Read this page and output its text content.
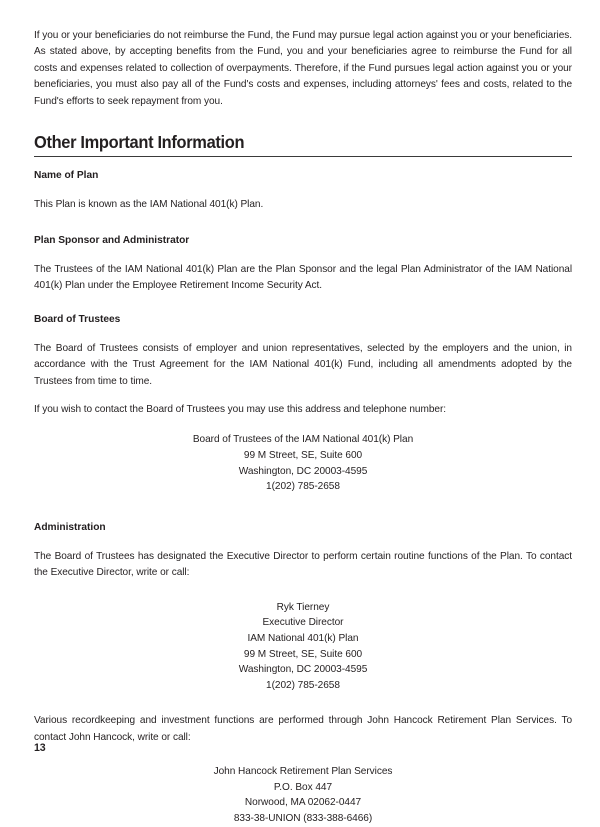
If you or your beneficiaries do not reimburse the Fund, the Fund may pursue legal action against you or your beneficiaries. As stated above, by accepting benefits from the Fund, you and your beneficiaries agree to reimburse the Fund for all costs and expenses related to collection of overpayments. Therefore, if the Fund pursues legal action against you or your beneficiaries, you must also pay all of the Fund's costs and expenses, including attorneys' fees and costs, related to the Fund's efforts to seek repayment from you.

Other Important Information
Name of Plan

This Plan is known as the IAM National 401(k) Plan.

Plan Sponsor and Administrator

The Trustees of the IAM National 401(k) Plan are the Plan Sponsor and the legal Plan Administrator of the IAM National 401(k) Plan under the Employee Retirement Income Security Act.

Board of Trustees

The Board of Trustees consists of employer and union representatives, selected by the employers and the union, in accordance with the Trust Agreement for the IAM National 401(k) Fund, including all amendments adopted by the Trustees from time to time.

If you wish to contact the Board of Trustees you may use this address and telephone number:

Board of Trustees of the IAM National 401(k) Plan
99 M Street, SE, Suite 600
Washington, DC 20003-4595
1(202) 785-2658
Administration

The Board of Trustees has designated the Executive Director to perform certain routine functions of the Plan. To contact the Executive Director, write or call:

Ryk Tierney
Executive Director
IAM National 401(k) Plan
99 M Street, SE, Suite 600
Washington, DC 20003-4595
1(202) 785-2658

Various recordkeeping and investment functions are performed through John Hancock Retirement Plan Services. To contact John Hancock, write or call:

John Hancock Retirement Plan Services
P.O. Box 447
Norwood, MA 02062-0447
833-38-UNION (833-388-6466)
13
